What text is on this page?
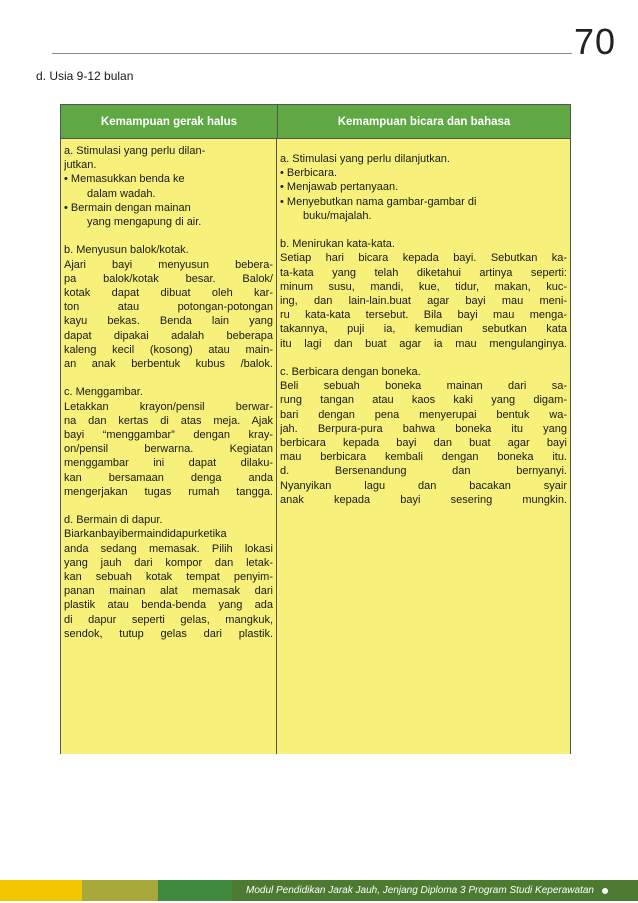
70
d. Usia 9-12 bulan
Kemampuan gerak halus	Kemampuan bicara dan bahasa
a. Stimulasi yang perlu dilan-
jutkan.
• Memasukkan benda ke
dalam wadah.
• Bermain dengan mainan
yang mengapung di air.
b. Menyusun balok/kotak.
Ajari bayi menyusun bebera-
pa balok/kotak besar. Balok/
kotak dapat dibuat oleh kar-
ton atau potongan-potongan
kayu bekas. Benda lain yang
dapat dipakai adalah beberapa
kaleng kecil (kosong) atau main-
an anak berbentuk kubus /balok.
c. Menggambar.
Letakkan krayon/pensil berwar-
na dan kertas di atas meja. Ajak
bayi “menggambar” dengan kray-
on/pensil berwarna. Kegiatan
menggambar ini dapat dilaku-
kan bersamaan denga anda
mengerjakan tugas rumah tangga.
d. Bermain di dapur.
Biarkanbayibermaindidapurketika
anda sedang memasak. Pilih lokasi
yang jauh dari kompor dan letak-
kan sebuah kotak tempat penyim-
panan mainan alat memasak dari
plastik atau benda-benda yang ada
di dapur seperti gelas, mangkuk,
sendok, tutup gelas dari plastik.
a. Stimulasi yang perlu dilanjutkan.
• Berbicara.
• Menjawab pertanyaan.
• Menyebutkan nama gambar-gambar di
buku/majalah.
b. Menirukan kata-kata.
Setiap hari bicara kepada bayi. Sebutkan ka-
ta-kata yang telah diketahui artinya seperti:
minum susu, mandi, kue, tidur, makan, kuc-
ing, dan lain-lain.buat agar bayi mau meni-
ru kata-kata tersebut. Bila bayi mau menga-
takannya, puji ia, kemudian sebutkan kata
itu lagi dan buat agar ia mau mengulanginya.
c. Berbicara dengan boneka.
Beli sebuah boneka mainan dari sa-
rung tangan atau kaos kaki yang digam-
bari dengan pena menyerupai bentuk wa-
jah. Berpura-pura bahwa boneka itu yang
berbicara kepada bayi dan buat agar bayi
mau berbicara kembali dengan boneka itu.
d. Bersenandung dan bernyanyi.
Nyanyikan lagu dan bacakan syair
anak kepada bayi sesering mungkin.
Modul Pendidikan Jarak Jauh, Jenjang Diploma 3 Program Studi Keperawatan
